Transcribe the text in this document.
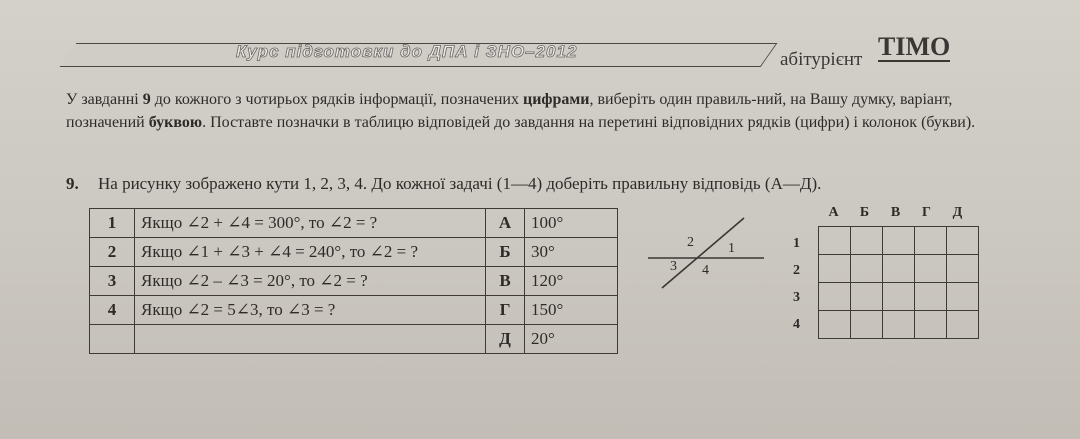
Курс підготовки до ДПА і ЗНО–2012	абітурієнт ТІМО
У завданні 9 до кожного з чотирьох рядків інформації, позначених цифрами, виберіть один правиль-ний, на Вашу думку, варіант, позначений буквою. Поставте позначки в таблицю відповідей до завдання на перетині відповідних рядків (цифри) і колонок (букви).
9. На рисунку зображено кути 1, 2, 3, 4. До кожної задачі (1—4) доберіть правильну відповідь (А—Д).
1	Якщо ∠2 + ∠4 = 300°, то ∠2 = ?	А	100°
2	Якщо ∠1 + ∠3 + ∠4 = 240°, то ∠2 = ?	Б	30°
3	Якщо ∠2 – ∠3 = 20°, то ∠2 = ?	В	120°
4	Якщо ∠2 = 5∠3, то ∠3 = ?	Г	150°
		Д	20°
2 1
3 4
А Б В Г Д
1
2
3
4
